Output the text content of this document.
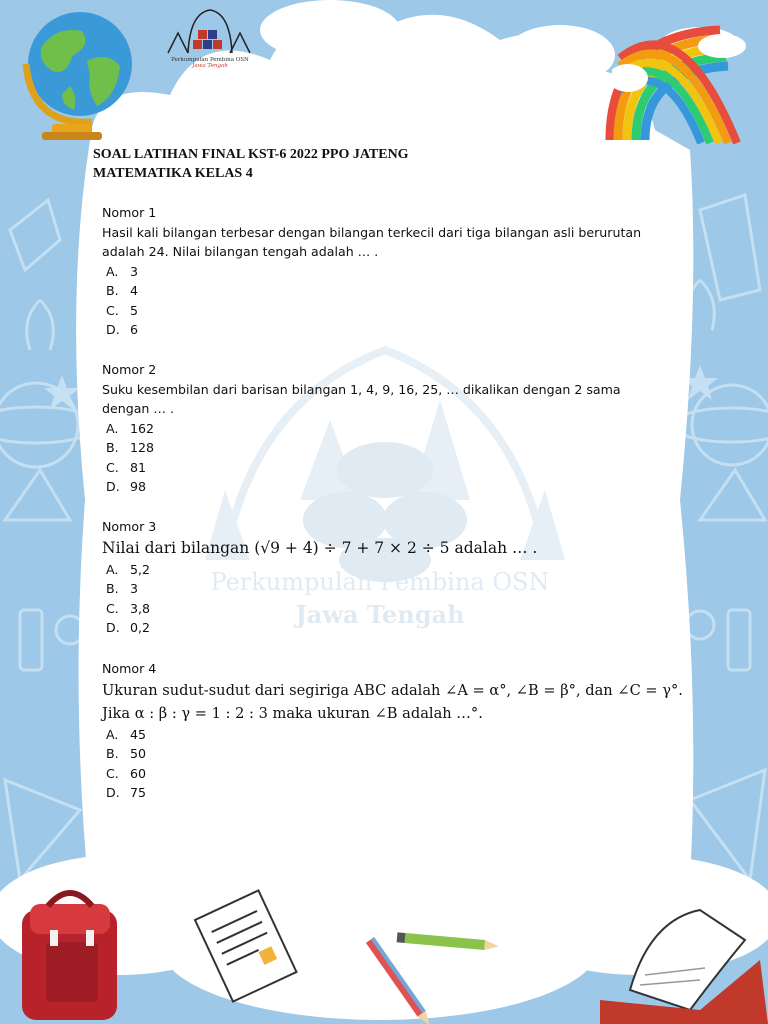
Perkumpulan Pembina OSN
Jawa Tengah
Perkumpulan Pembina OSN
Jawa Tengah
SOAL LATIHAN FINAL KST-6 2022 PPO JATENG
MATEMATIKA KELAS 4
Nomor 1
Hasil kali bilangan terbesar dengan bilangan terkecil dari tiga bilangan asli berurutan adalah 24. Nilai bilangan tengah adalah … .
A. 3
B. 4
C. 5
D. 6
Nomor 2
Suku kesembilan dari barisan bilangan 1, 4, 9, 16, 25, … dikalikan dengan 2 sama dengan … .
A. 162
B. 128
C. 81
D. 98
Nomor 3
Nilai dari bilangan (√9 + 4) ÷ 7 + 7 × 2 ÷ 5 adalah … .
A. 5,2
B. 3
C. 3,8
D. 0,2
Nomor 4
Ukuran sudut-sudut dari segiriga ABC adalah ∠A = α°, ∠B = β°, dan ∠C = γ°. Jika α : β : γ = 1 : 2 : 3 maka ukuran ∠B adalah …°.
A. 45
B. 50
C. 60
D. 75
